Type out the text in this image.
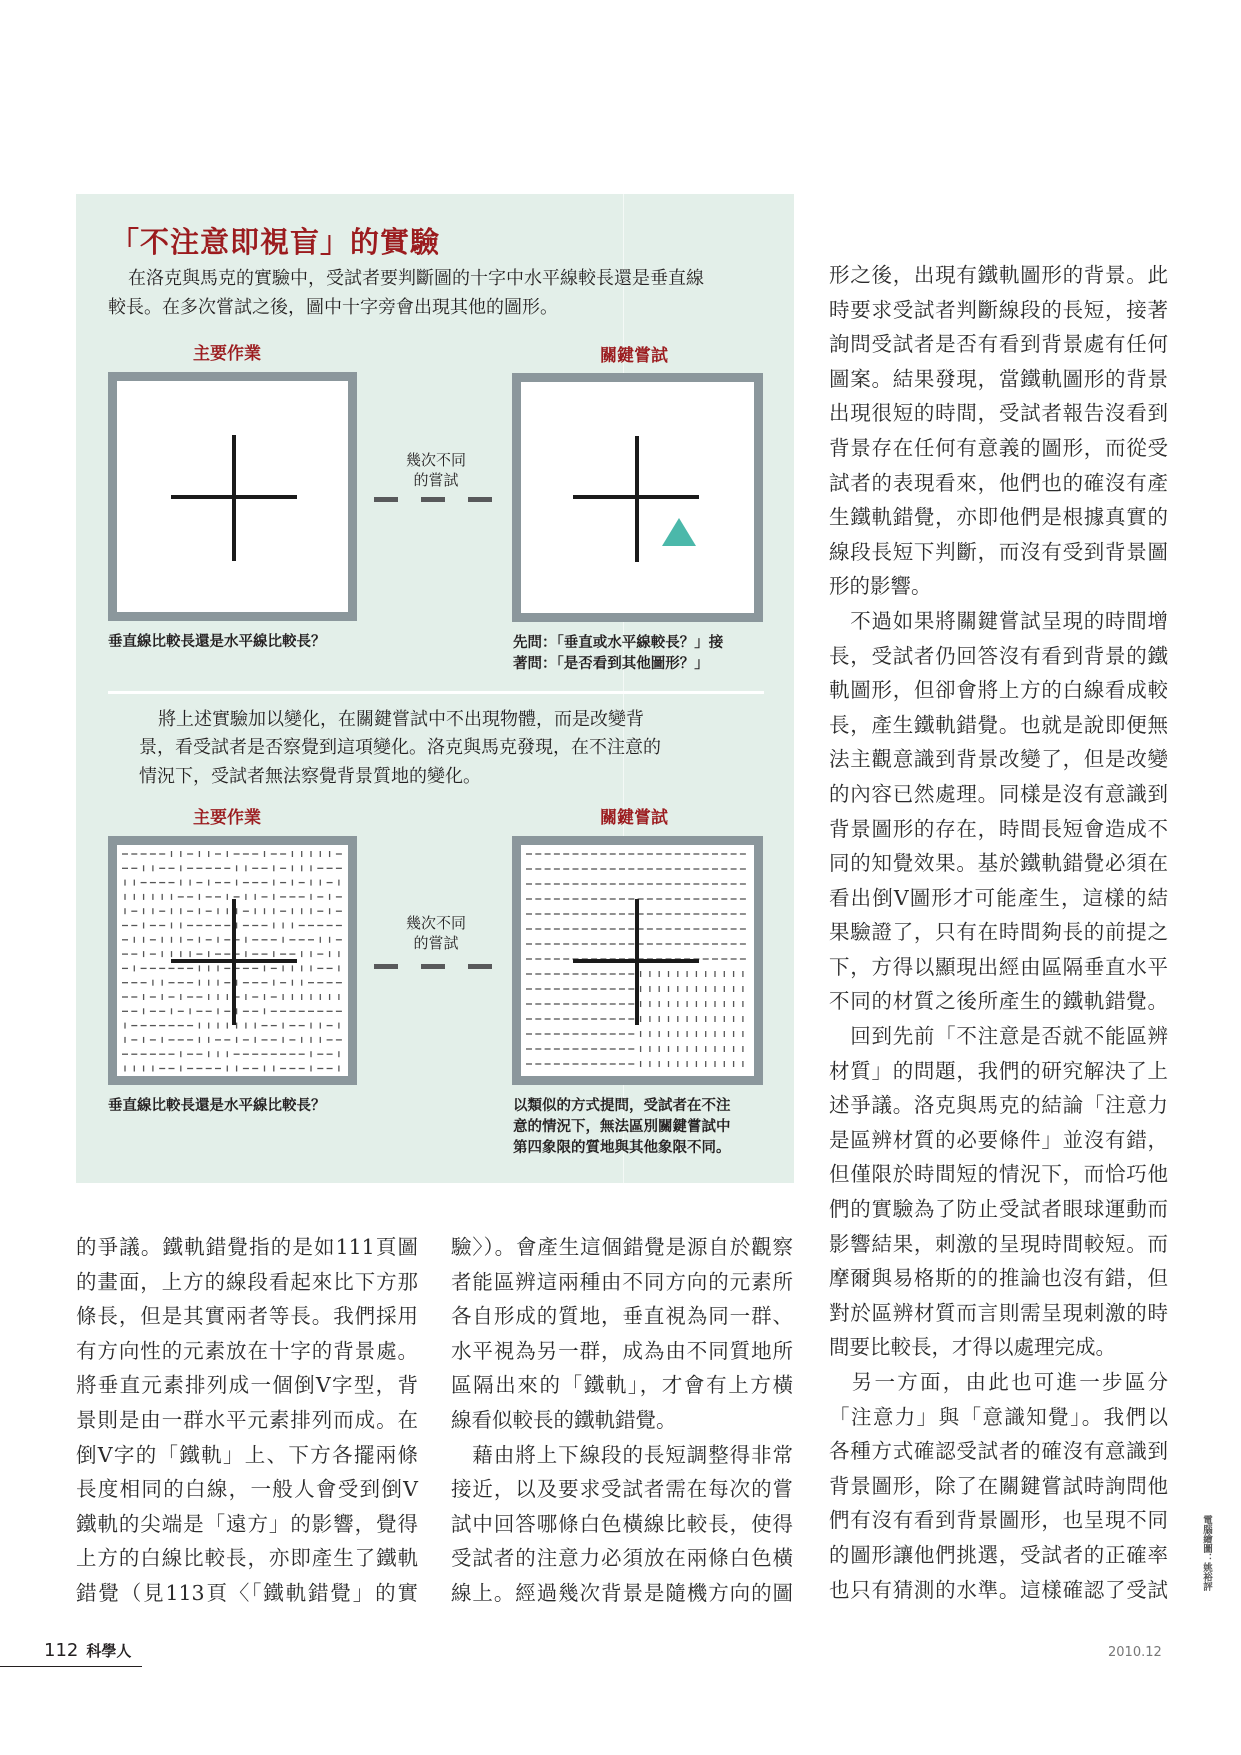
「不注意即視盲」的實驗
在洛克與馬克的實驗中，受試者要判斷圖的十字中水平線較長還是垂直線
較長。在多次嘗試之後，圖中十字旁會出現其他的圖形。
主要作業	關鍵嘗試
幾次不同
的嘗試
垂直線比較長還是水平線比較長？	先問：「垂直或水平線較長？」接
著問：「是否看到其他圖形？」
將上述實驗加以變化，在關鍵嘗試中不出現物體，而是改變背
景，看受試者是否察覺到這項變化。洛克與馬克發現，在不注意的
情況下，受試者無法察覺背景質地的變化。
主要作業	關鍵嘗試
幾次不同
的嘗試
垂直線比較長還是水平線比較長？	以類似的方式提問，受試者在不注
意的情況下，無法區別關鍵嘗試中
第四象限的質地與其他象限不同。
的爭議。鐵軌錯覺指的是如111頁圖
的畫面，上方的線段看起來比下方那
條長，但是其實兩者等長。我們採用
有方向性的元素放在十字的背景處。
將垂直元素排列成一個倒V字型，背
景則是由一群水平元素排列而成。在
倒V字的「鐵軌」上、下方各擺兩條
長度相同的白線，一般人會受到倒V
鐵軌的尖端是「遠方」的影響，覺得
上方的白線比較長，亦即產生了鐵軌
錯覺（見113頁〈「鐵軌錯覺」的實
驗〉）。會產生這個錯覺是源自於觀察
者能區辨這兩種由不同方向的元素所
各自形成的質地，垂直視為同一群、
水平視為另一群，成為由不同質地所
區隔出來的「鐵軌」，才會有上方橫
線看似較長的鐵軌錯覺。
　藉由將上下線段的長短調整得非常
接近，以及要求受試者需在每次的嘗
試中回答哪條白色橫線比較長，使得
受試者的注意力必須放在兩條白色橫
線上。經過幾次背景是隨機方向的圖
形之後，出現有鐵軌圖形的背景。此
時要求受試者判斷線段的長短，接著
詢問受試者是否有看到背景處有任何
圖案。結果發現，當鐵軌圖形的背景
出現很短的時間，受試者報告沒看到
背景存在任何有意義的圖形，而從受
試者的表現看來，他們也的確沒有產
生鐵軌錯覺，亦即他們是根據真實的
線段長短下判斷，而沒有受到背景圖
形的影響。
　不過如果將關鍵嘗試呈現的時間增
長，受試者仍回答沒有看到背景的鐵
軌圖形，但卻會將上方的白線看成較
長，產生鐵軌錯覺。也就是說即便無
法主觀意識到背景改變了，但是改變
的內容已然處理。同樣是沒有意識到
背景圖形的存在，時間長短會造成不
同的知覺效果。基於鐵軌錯覺必須在
看出倒V圖形才可能產生，這樣的結
果驗證了，只有在時間夠長的前提之
下，方得以顯現出經由區隔垂直水平
不同的材質之後所產生的鐵軌錯覺。
　回到先前「不注意是否就不能區辨
材質」的問題，我們的研究解決了上
述爭議。洛克與馬克的結論「注意力
是區辨材質的必要條件」並沒有錯，
但僅限於時間短的情況下，而恰巧他
們的實驗為了防止受試者眼球運動而
影響結果，刺激的呈現時間較短。而
摩爾與易格斯的的推論也沒有錯，但
對於區辨材質而言則需呈現刺激的時
間要比較長，才得以處理完成。
　另一方面，由此也可進一步區分
「注意力」與「意識知覺」。我們以
各種方式確認受試者的確沒有意識到
背景圖形，除了在關鍵嘗試時詢問他
們有沒有看到背景圖形，也呈現不同
的圖形讓他們挑選，受試者的正確率
也只有猜測的水準。這樣確認了受試	電腦繪圖：姚裕評
112 科學人	2010.12
